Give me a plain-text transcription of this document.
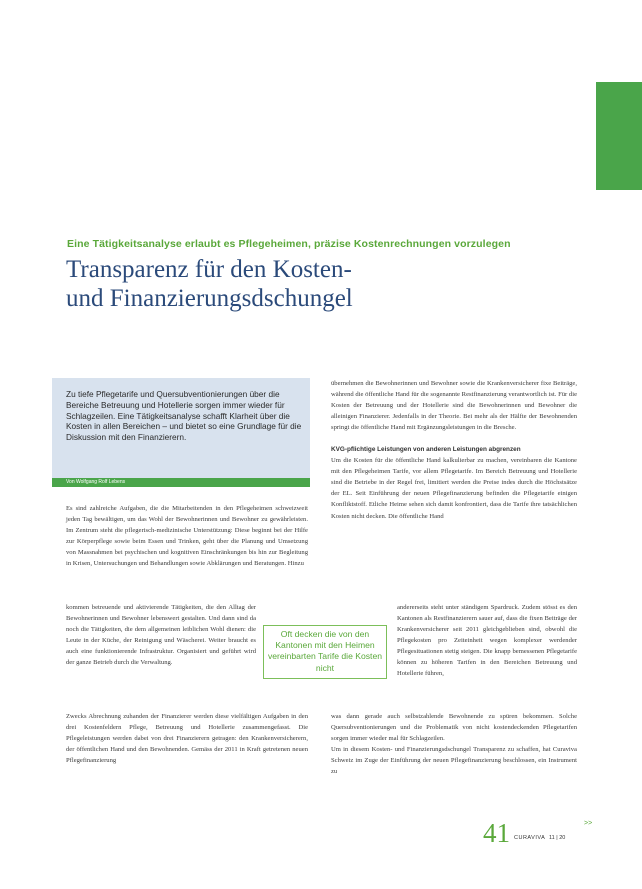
Alter
Eine Tätigkeitsanalyse erlaubt es Pflegeheimen, präzise Kostenrechnungen vorzulegen
Transparenz für den Kosten-
und Finanzierungsdschungel
Zu tiefe Pflegetarife und Quersubventionierungen über die Bereiche Betreuung und Hotellerie sorgen immer wieder für Schlagzeilen. Eine Tätigkeitsanalyse schafft Klarheit über die Kosten in allen Bereichen – und bietet so eine Grundlage für die Diskussion mit den Finanzierern.
Von Wolfgang Rolf Lebens

Es sind zahlreiche Aufgaben, die die Mitarbeitenden in den Pflegeheimen schweizweit jeden Tag bewältigen, um das Wohl der Bewohnerinnen und Bewohner zu gewährleisten. Im Zentrum steht die pflegerisch-medizinische Unterstützung: Diese beginnt bei der Hilfe zur Körperpflege sowie beim Essen und Trinken, geht über die Planung und Umsetzung von Massnahmen bei psychischen und kognitiven Einschränkungen bis hin zur Begleitung in Krisen, Untersuchungen und Behandlungen sowie Abklärungen und Beratungen. Hinzu

kommen betreuende und aktivierende Tätigkeiten, die den Alltag der Bewohnerinnen und Bewohner lebenswert gestalten. Und dann sind da noch die Tätigkeiten, die dem allgemeinen leiblichen Wohl dienen: die Leute in der Küche, der Reinigung und Wäscherei. Weiter braucht es auch eine funktionierende Infrastruktur. Organisiert und geführt wird der ganze Betrieb durch die Verwaltung.

Zwecks Abrechnung zuhanden der Finanzierer werden diese vielfältigen Aufgaben in den drei Kostenfeldern Pflege, Betreuung und Hotellerie zusammengefasst. Die Pflegeleistungen werden dabei von drei Finanzierern getragen: den Krankenversicherern, der öffentlichen Hand und den Bewohnenden. Gemäss der 2011 in Kraft getretenen neuen Pflegefinanzierung

übernehmen die Bewohnerinnen und Bewohner sowie die Krankenversicherer fixe Beiträge, während die öffentliche Hand für die sogenannte Restfinanzierung verantwortlich ist. Für die Kosten der Betreuung und der Hotellerie sind die Bewohnerinnen und Bewohner die alleinigen Finanzierer. Jedenfalls in der Theorie. Bei mehr als der Hälfte der Bewohnenden springt die öffentliche Hand mit Ergänzungsleistungen in die Bresche.

KVG-pflichtige Leistungen von anderen Leistungen abgrenzen

Um die Kosten für die öffentliche Hand kalkulierbar zu machen, vereinbaren die Kantone mit den Pflegeheimen Tarife, vor allem Pflegetarife. Im Bereich Betreuung und Hotellerie sind die Betriebe in der Regel frei, limitiert werden die Preise indes durch die Höchstsätze der EL. Seit Einführung der neuen Pflegefinanzierung befinden die Pflegetarife einigen Konfliktstoff. Etliche Heime sehen sich damit konfrontiert, dass die Tarife ihre tatsächlichen Kosten nicht decken. Die öffentliche Hand

andererseits steht unter ständigem Spardruck. Zudem stösst es den Kantonen als Restfinanzierern sauer auf, dass die fixen Beiträge der Krankenversicherer seit 2011 gleichgeblieben sind, obwohl die Pflegekosten pro Zeiteinheit wegen komplexer werdender Pflegesituationen stetig steigen. Die knapp bemessenen Pflegetarife können zu höheren Tarifen in den Bereichen Betreuung und Hotellerie führen,

was dann gerade auch selbstzahlende Bewohnende zu spüren bekommen. Solche Quersubventionierungen und die Problematik von nicht kostendeckenden Pflegetarifen sorgen immer wieder mal für Schlagzeilen.

Um in diesem Kosten- und Finanzierungsdschungel Transparenz zu schaffen, hat Curaviva Schweiz im Zuge der Einführung der neuen Pflegefinanzierung beschlossen, ein Instrument zu

Oft decken die von den Kantonen mit den Heimen vereinbarten Tarife die Kosten nicht
41 CURAVIVA 11 | 20
>>
